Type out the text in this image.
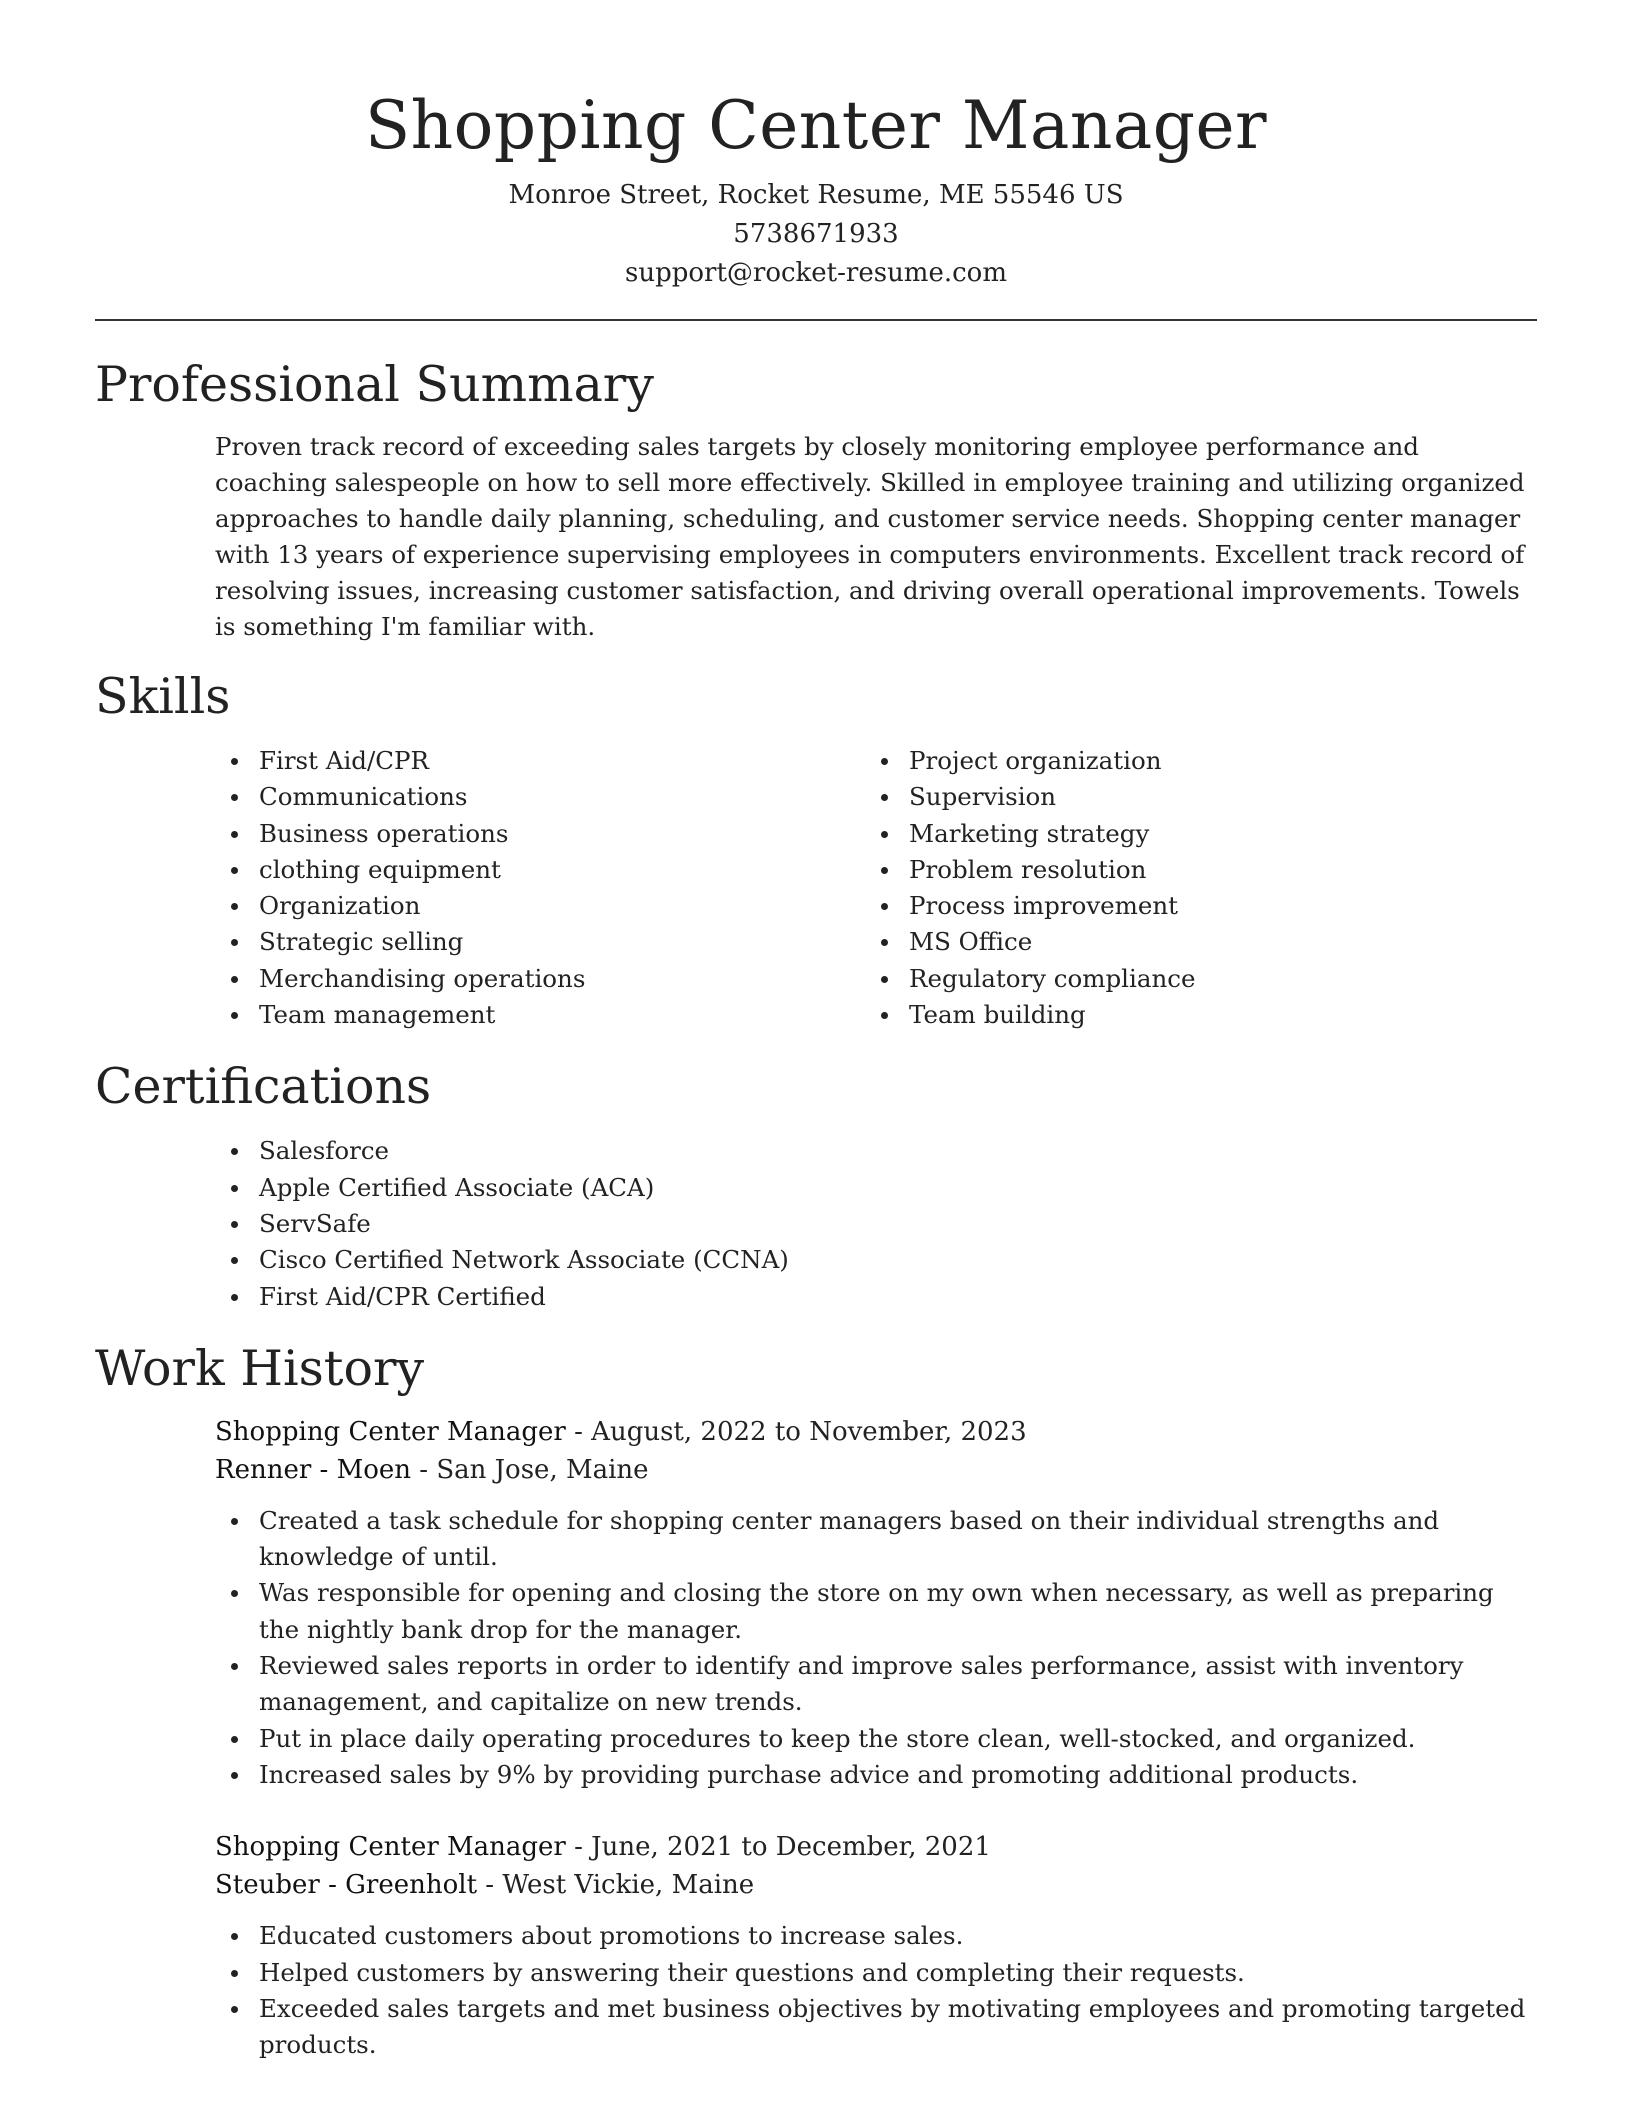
Shopping Center Manager
Monroe Street, Rocket Resume, ME 55546 US
5738671933
support@rocket-resume.com
Professional Summary

Proven track record of exceeding sales targets by closely monitoring employee performance and coaching salespeople on how to sell more effectively. Skilled in employee training and utilizing organized approaches to handle daily planning, scheduling, and customer service needs. Shopping center manager with 13 years of experience supervising employees in computers environments. Excellent track record of resolving issues, increasing customer satisfaction, and driving overall operational improvements. Towels is something I'm familiar with.

Skills
First Aid/CPR
Communications
Business operations
clothing equipment
Organization
Strategic selling
Merchandising operations
Team management
Project organization
Supervision
Marketing strategy
Problem resolution
Process improvement
MS Office
Regulatory compliance
Team building
Certifications
Salesforce
Apple Certified Associate (ACA)
ServSafe
Cisco Certified Network Associate (CCNA)
First Aid/CPR Certified
Work History
Shopping Center Manager - August, 2022 to November, 2023
Renner - Moen - San Jose, Maine
Created a task schedule for shopping center managers based on their individual strengths and knowledge of until.
Was responsible for opening and closing the store on my own when necessary, as well as preparing the nightly bank drop for the manager.
Reviewed sales reports in order to identify and improve sales performance, assist with inventory management, and capitalize on new trends.
Put in place daily operating procedures to keep the store clean, well-stocked, and organized.
Increased sales by 9% by providing purchase advice and promoting additional products.
Shopping Center Manager - June, 2021 to December, 2021
Steuber - Greenholt - West Vickie, Maine
Educated customers about promotions to increase sales.
Helped customers by answering their questions and completing their requests.
Exceeded sales targets and met business objectives by motivating employees and promoting targeted products.
